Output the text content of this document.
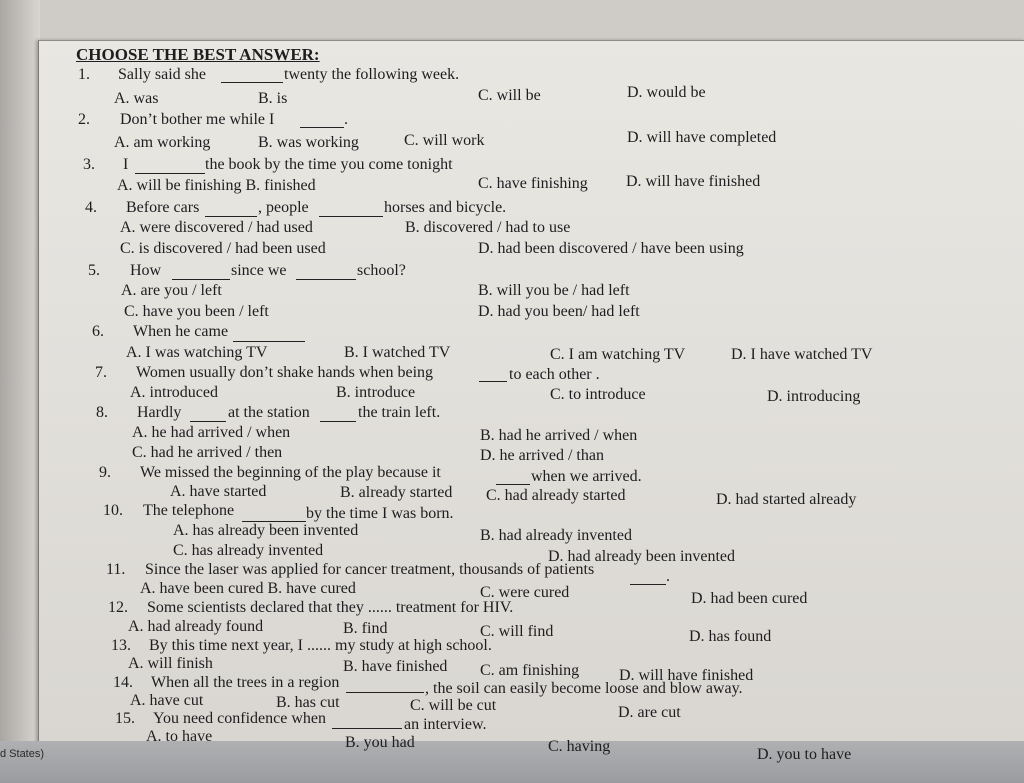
d States)
CHOOSE THE BEST ANSWER:
1. Sally said she	twenty the following week.
A. was	B. is	C. will be	D. would be
2. Don’t bother me while I	.
A. am working	B. was working	C. will work	D. will have completed
3. I	the book by the time you come tonight
A. will be finishing B. finished	C. have finishing D. will have finished
4. Before cars	, people	horses and bicycle.
A. were discovered / had used	B. discovered / had to use
C. is discovered / had been used	D. had been discovered / have been using
5. How	since we	school?
A. are you / left	B. will you be / had left
C. have you been / left	D. had you been/ had left
6. When he came
A. I was watching TV	B. I watched TV	C. I am watching TV	D. I have watched TV
7. Women usually don’t shake hands when being	to each other .
A. introduced	B. introduce	C. to introduce	D. introducing
8. Hardly	at the station	the train left.
A. he had arrived / when	B. had he arrived / when
C. had he arrived / then	D. he arrived / than
9. We missed the beginning of the play because it	when we arrived.
A. have started	B. already started C. had already started	D. had started already
10. The telephone	by the time I was born.
A. has already been invented	B. had already invented
C. has already invented	D. had already been invented
11. Since the laser was applied for cancer treatment, thousands of patients	.
A. have been cured B. have cured	C. were cured	D. had been cured
12. Some scientists declared that they ...... treatment for HIV.
A. had already found	B. find	C. will find	D. has found
13. By this time next year, I ...... my study at high school.
A. will finish	B. have finished C. am finishing D. will have finished
14. When all the trees in a region	, the soil can easily become loose and blow away.
A. have cut	B. has cut	C. will be cut	D. are cut
15. You need confidence when	an interview.
A. to have	B. you had	C. having	D. you to have
